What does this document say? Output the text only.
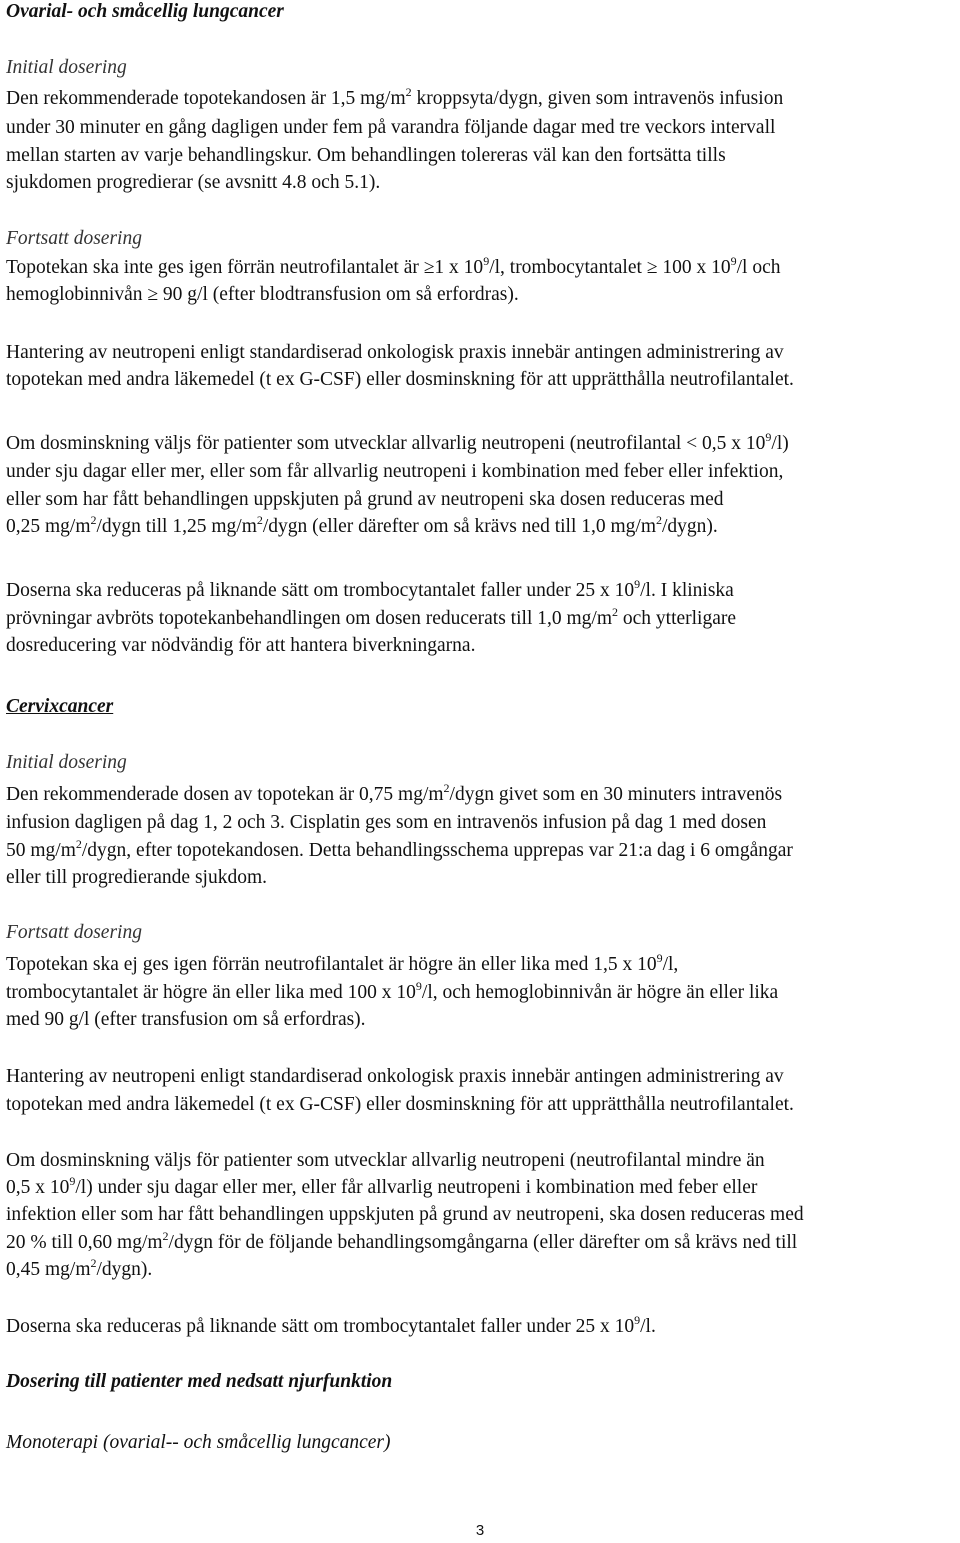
Ovarial- och småcellig lungcancer
Initial dosering
Den rekommenderade topotekandosen är 1,5 $mg/m^2$ kroppsyta/dygn, given som intravenös infusion
under 30 minuter en gång dagligen under fem på varandra följande dagar med tre veckors intervall
mellan starten av varje behandlingskur. Om behandlingen tolereras väl kan den fortsätta tills
sjukdomen progredierar (se avsnitt 4.8 och 5.1).
Fortsatt dosering
Topotekan ska inte ges igen förrän neutrofilantalet är ≥1 x $10^9/l$, trombocytantalet ≥ 100 x $10^9/l$ och
hemoglobinnivån ≥ 90 g/l (efter blodtransfusion om så erfordras).
Hantering av neutropeni enligt standardiserad onkologisk praxis innebär antingen administrering av
topotekan med andra läkemedel (t ex G-CSF) eller dosminskning för att upprätthålla neutrofilantalet.
Om dosminskning väljs för patienter som utvecklar allvarlig neutropeni (neutrofilantal < 0,5 x $10^9/l$)
under sju dagar eller mer, eller som får allvarlig neutropeni i kombination med feber eller infektion,
eller som har fått behandlingen uppskjuten på grund av neutropeni ska dosen reduceras med
0,25 $mg/m^2$/dygn till 1,25 $mg/m^2$/dygn (eller därefter om så krävs ned till 1,0 $mg/m^2/dygn$).
Doserna ska reduceras på liknande sätt om trombocytantalet faller under 25 x $10^9/l$. I kliniska
prövningar avbröts topotekanbehandlingen om dosen reducerats till 1,0 $mg/m^2$ och ytterligare
dosreducering var nödvändig för att hantera biverkningarna.
Cervixcancer
Initial dosering
Den rekommenderade dosen av topotekan är 0,75 $mg/m^2$/dygn givet som en 30 minuters intravenös
infusion dagligen på dag 1, 2 och 3. Cisplatin ges som en intravenös infusion på dag 1 med dosen
50 $mg/m^2$/dygn, efter topotekandosen. Detta behandlingsschema upprepas var 21:a dag i 6 omgångar
eller till progredierande sjukdom.
Fortsatt dosering
Topotekan ska ej ges igen förrän neutrofilantalet är högre än eller lika med 1,5 x $10^9/l$,
trombocytantalet är högre än eller lika med 100 x $10^9/l$, och hemoglobinnivån är högre än eller lika
med 90 g/l (efter transfusion om så erfordras).
Hantering av neutropeni enligt standardiserad onkologisk praxis innebär antingen administrering av
topotekan med andra läkemedel (t ex G-CSF) eller dosminskning för att upprätthålla neutrofilantalet.
Om dosminskning väljs för patienter som utvecklar allvarlig neutropeni (neutrofilantal mindre än
0,5 x $10^9/l$) under sju dagar eller mer, eller får allvarlig neutropeni i kombination med feber eller
infektion eller som har fått behandlingen uppskjuten på grund av neutropeni, ska dosen reduceras med
20 % till 0,60 $mg/m^2$/dygn för de följande behandlingsomgångarna (eller därefter om så krävs ned till
0,45 $mg/m^2/dygn$).
Doserna ska reduceras på liknande sätt om trombocytantalet faller under 25 x $10^9/l$.
Dosering till patienter med nedsatt njurfunktion
Monoterapi (ovarial-- och småcellig lungcancer)
3
